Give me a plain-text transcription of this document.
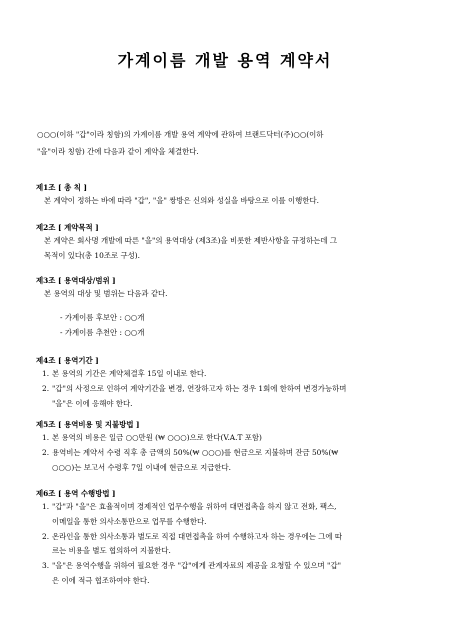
가계이름 개발 용역 계약서
○○○(이하 "갑"이라 칭함)의 가계이름 개발 용역 계약에 관하여 브랜드닥터(주)○○(이하
"을"이라 칭함) 간에 다음과 같이 계약을 체결한다.
제1조 [ 총 칙 ]

본 계약이 정하는 바에 따라 "갑", "을" 쌍방은 신의와 성실을 바탕으로 이를 이행한다.

제2조 [ 계약목적 ]

본 계약은 회사명 개발에 따른 "을"의 용역대상 (제3조)을 비롯한 제반사항을 규정하는데 그

목적이 있다(총 10조로 구성).

제3조 [ 용역대상/범위 ]

본 용역의 대상 및 범위는 다음과 같다.

- 가계이름 후보안 : ○○개
- 가계이름 추천안 : ○○개
제4조 [ 용역기간 ]
1. 본 용역의 기간은 계약체결후 15일 이내로 한다.
2. "갑"의 사정으로 인하여 계약기간을 변경, 연장하고자 하는 경우 1회에 한하여 변경가능하며
"을"은 이에 응해야 한다.
제5조 [ 용역비용 및 지불방법 ]
1. 본 용역의 비용은 일금 ○○만원 (₩ ○○○)으로 한다(V.A.T 포함)
2. 용역비는 계약서 수령 직후 총 금액의 50%(₩ ○○○)를 현금으로 지불하며 잔금 50%(₩
○○○)는 보고서 수령후 7일 이내에 현금으로 지급한다.
제6조 [ 용역 수행방법 ]
1. "갑"과 "을"은 효율적이며 경제적인 업무수행을 위하여 대면접촉을 하지 않고 전화, 팩스,
이메일을 통한 의사소통만으로 업무를 수행한다.
2. 온라인을 통한 의사소통과 별도로 직접 대면접촉을 하여 수행하고자 하는 경우에는 그에 따
르는 비용을 별도 협의하여 지불한다.
3. "을"은 용역수행을 위하여 필요한 경우 "갑"에게 관계자료의 제공을 요청할 수 있으며 "갑"
은 이에 적극 협조하여야 한다.
